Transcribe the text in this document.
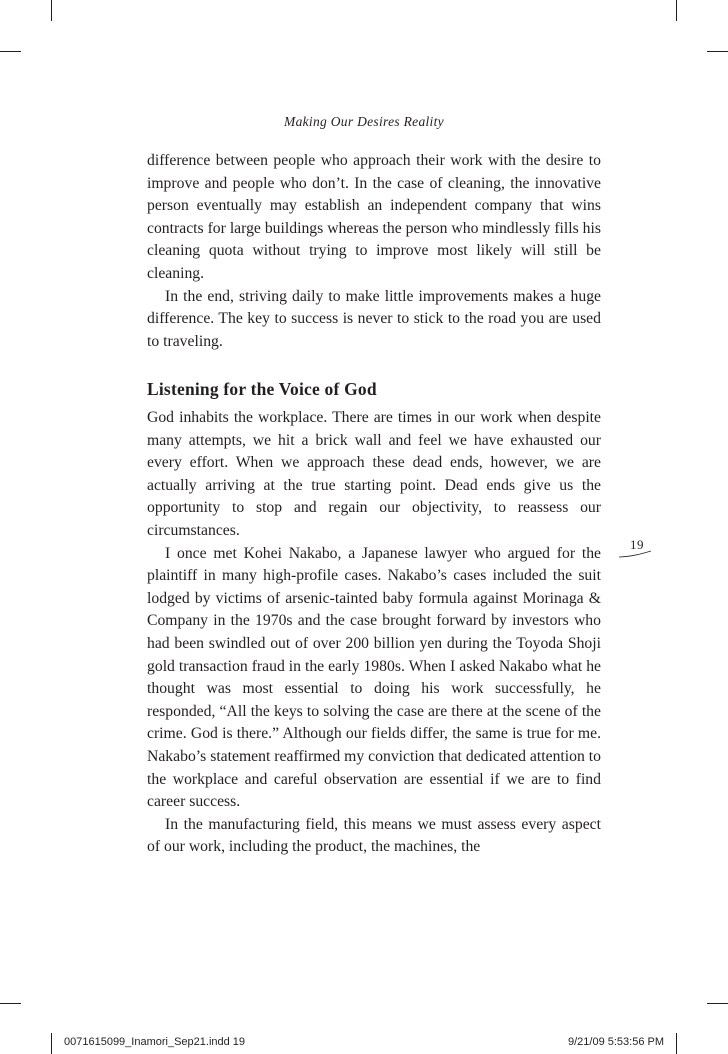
Making Our Desires Reality

difference between people who approach their work with the desire to improve and people who don’t. In the case of cleaning, the innovative person eventually may establish an independent company that wins contracts for large buildings whereas the person who mindlessly fills his cleaning quota without trying to improve most likely will still be cleaning.

In the end, striving daily to make little improvements makes a huge difference. The key to success is never to stick to the road you are used to traveling.

Listening for the Voice of God

God inhabits the workplace. There are times in our work when despite many attempts, we hit a brick wall and feel we have exhausted our every effort. When we approach these dead ends, however, we are actually arriving at the true starting point. Dead ends give us the opportunity to stop and regain our objectivity, to reassess our circumstances.

I once met Kohei Nakabo, a Japanese lawyer who argued for the plaintiff in many high-profile cases. Nakabo’s cases included the suit lodged by victims of arsenic-tainted baby formula against Morinaga & Company in the 1970s and the case brought forward by investors who had been swindled out of over 200 billion yen during the Toyoda Shoji gold transaction fraud in the early 1980s. When I asked Nakabo what he thought was most essential to doing his work successfully, he responded, “All the keys to solving the case are there at the scene of the crime. God is there.” Although our fields differ, the same is true for me. Nakabo’s statement reaffirmed my conviction that dedicated attention to the workplace and careful observation are essential if we are to find career success.

In the manufacturing field, this means we must assess every aspect of our work, including the product, the machines, the

19
0071615099_Inamori_Sep21.indd 19	9/21/09 5:53:56 PM
